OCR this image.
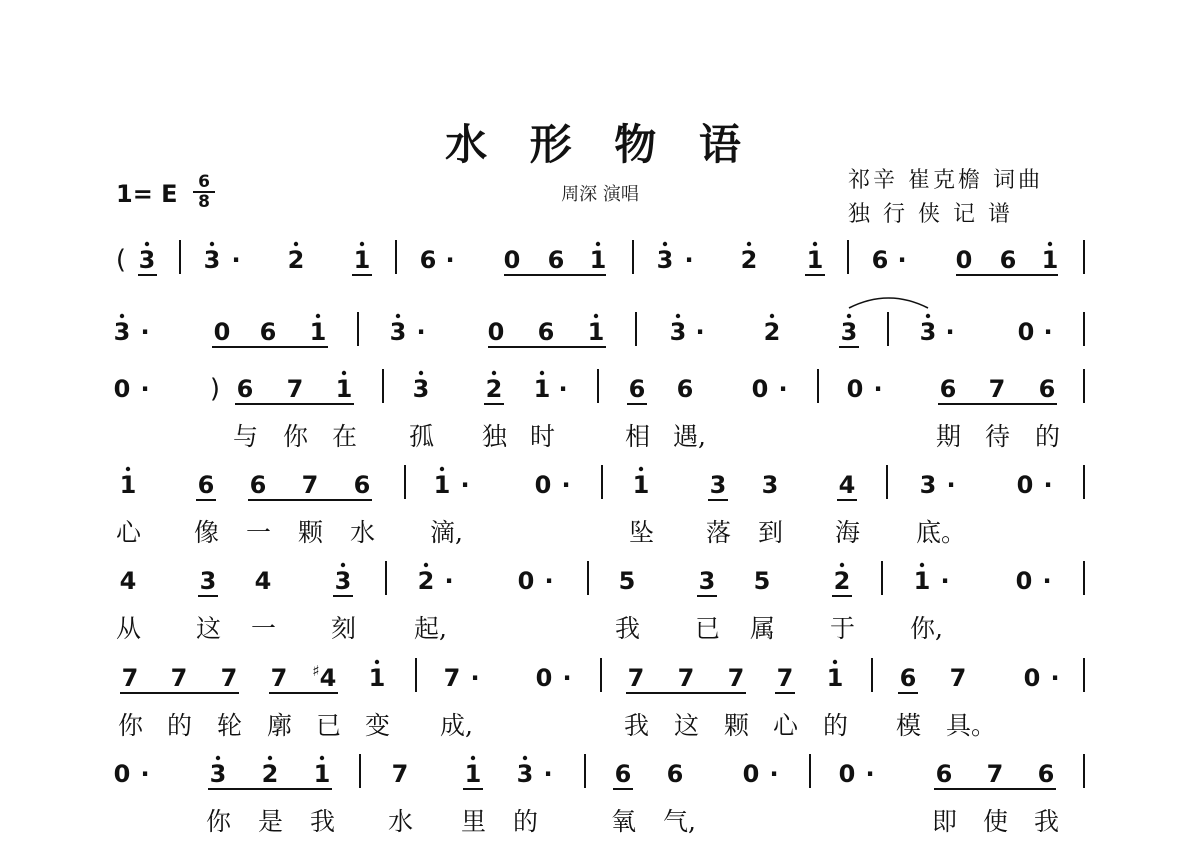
水 形 物 语
周深 演唱
祁辛 崔克檐 词曲
独 行 侠 记 谱
1= E 6
8
( 3 3 · 2 1 6 · 0 6 1 3 · 2 1 6 · 0 6 1
3 ·	0 6 1	3 ·	0 6 1	3 · 2	3	3 ·	0 ·
0 · ) 6 7 1	3 2 1 ·	6 6 0 · 0 · 6 7 6
与 你 在 孤 独 时	相 遇,	期 待 的
1	6 6 7 6	1 ·	0 ·	1	3 3	4	3 ·	0 ·
心 像 一 颗 水 滴,	坠 落 到 海 底。
4	3 4	3	2 ·	0 ·	5	3 5	2	1 ·	0 ·
从 这 一 刻 起,	我 已 属 于 你,
7 7 7 7 ♯ 4 1 7 · 0 · 7 7 7 7 1 6 7 0 ·
你 的 轮 廓 已 变 成,	我 这 颗 心 的 模 具。
0 ·	3 2 1	7 1 3 ·	6 6 0 ·	0 ·	6 7 6
你 是 我 水 里 的	氧 气,	即 使 我
